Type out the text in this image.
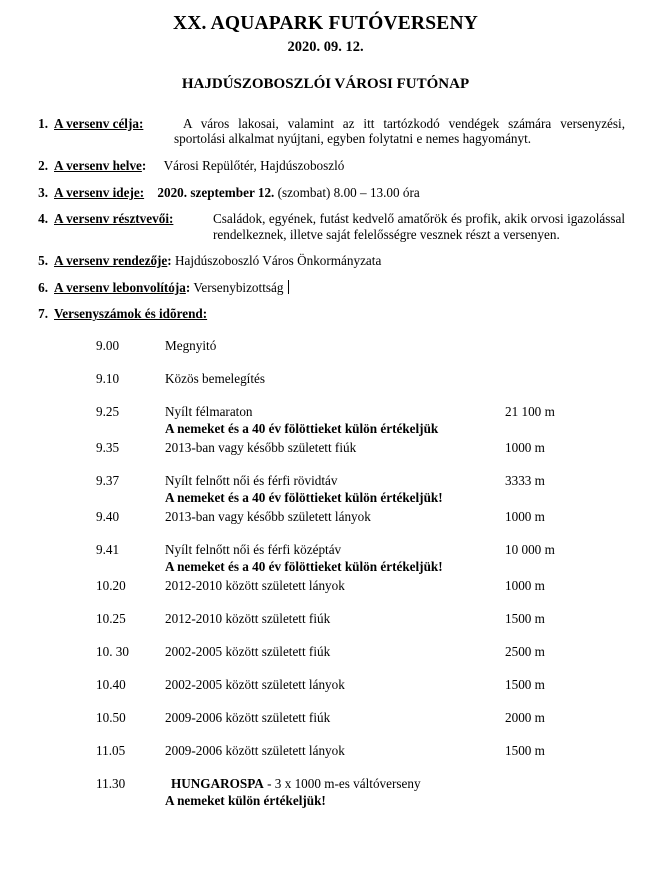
XX. AQUAPARK FUTÓVERSENY
2020. 09. 12.
HAJDÚSZOBOSZLÓI VÁROSI FUTÓNAP
1. A versenv célja:	A város lakosai, valamint az itt tartózkodó vendégek számára versenyzési, sportolási alkalmat nyújtani, egyben folytatni e nemes hagyományt.
2. A versenv helve: Városi Repülőtér, Hajdúszoboszló
3. A versenv ideje: 2020. szeptember 12. (szombat) 8.00 – 13.00 óra
4. A versenv résztvevői:	Családok, egyének, futást kedvelő amatőrök és profik, akik orvosi igazolással rendelkeznek, illetve saját felelősségre vesznek részt a versenyen.
5. A versenv rendezője: Hajdúszoboszló Város Önkormányzata
6. A versenv lebonvolítója: Versenybizottság
7. Versenyszámok és idõrend:
9.00	Megnyitó
9.10	Közös bemelegítés
9.25	Nyílt félmaraton	21 100 m
A nemeket és a 40 év fölöttieket külön értékeljük
9.35	2013-ban vagy később született fiúk	1000 m
9.37	Nyílt felnőtt női és férfi rövidtáv	3333 m
A nemeket és a 40 év fölöttieket külön értékeljük!
9.40	2013-ban vagy később született lányok	1000 m
9.41	Nyílt felnőtt női és férfi középtáv	10 000 m
A nemeket és a 40 év fölöttieket külön értékeljük!
10.20	2012-2010 között született lányok	1000 m
10.25	2012-2010 között született fiúk	1500 m
10. 30	2002-2005 között született fiúk	2500 m
10.40	2002-2005 között született lányok	1500 m
10.50	2009-2006 között született fiúk	2000 m
11.05	2009-2006 között született lányok	1500 m
11.30	HUNGAROSPA - 3 x 1000 m-es váltóverseny
A nemeket külön értékeljük!
